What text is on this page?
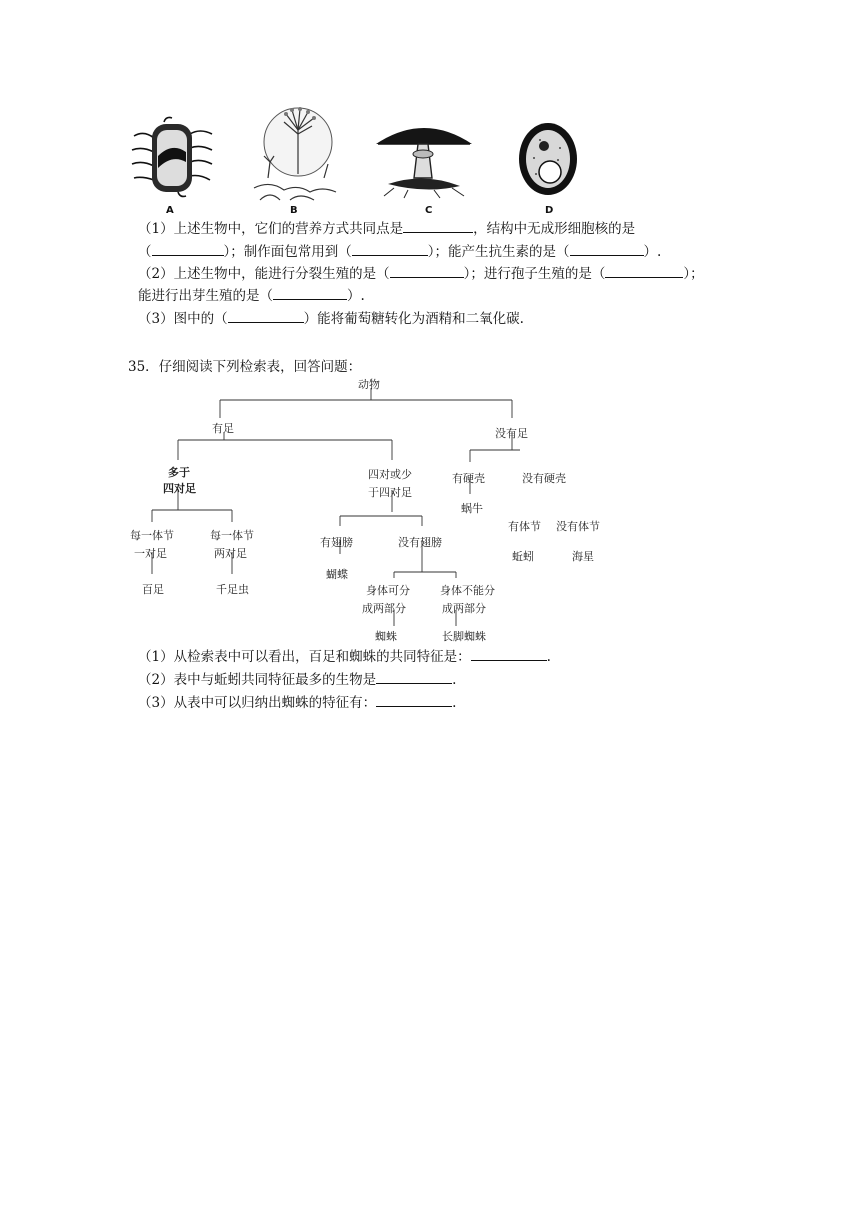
A	B	C	D
（1）上述生物中，它们的营养方式共同点是	，结构中无成形细胞核的是
（	）；制作面包常用到（	）；能产生抗生素的是（	）.
（2）上述生物中，能进行分裂生殖的是（	）；进行孢子生殖的是（	）；
能进行出芽生殖的是（	）.
（3）图中的（	）能将葡萄糖转化为酒精和二氧化碳.
35．仔细阅读下列检索表，回答问题：
动物
有足	没有足
多于
四对足
四对或少
于四对足
有硬壳	没有硬壳
蜗牛
每一体节
一对足
每一体节
两对足
有翅膀	没有翅膀
有体节 没有体节
蚯蚓	海星
蝴蝶
百足	千足虫	身体可分
成两部分
身体不能分
成两部分
蜘蛛	长脚蜘蛛
（1）从检索表中可以看出，百足和蜘蛛的共同特征是：	.
（2）表中与蚯蚓共同特征最多的生物是	.
（3）从表中可以归纳出蜘蛛的特征有：	.
